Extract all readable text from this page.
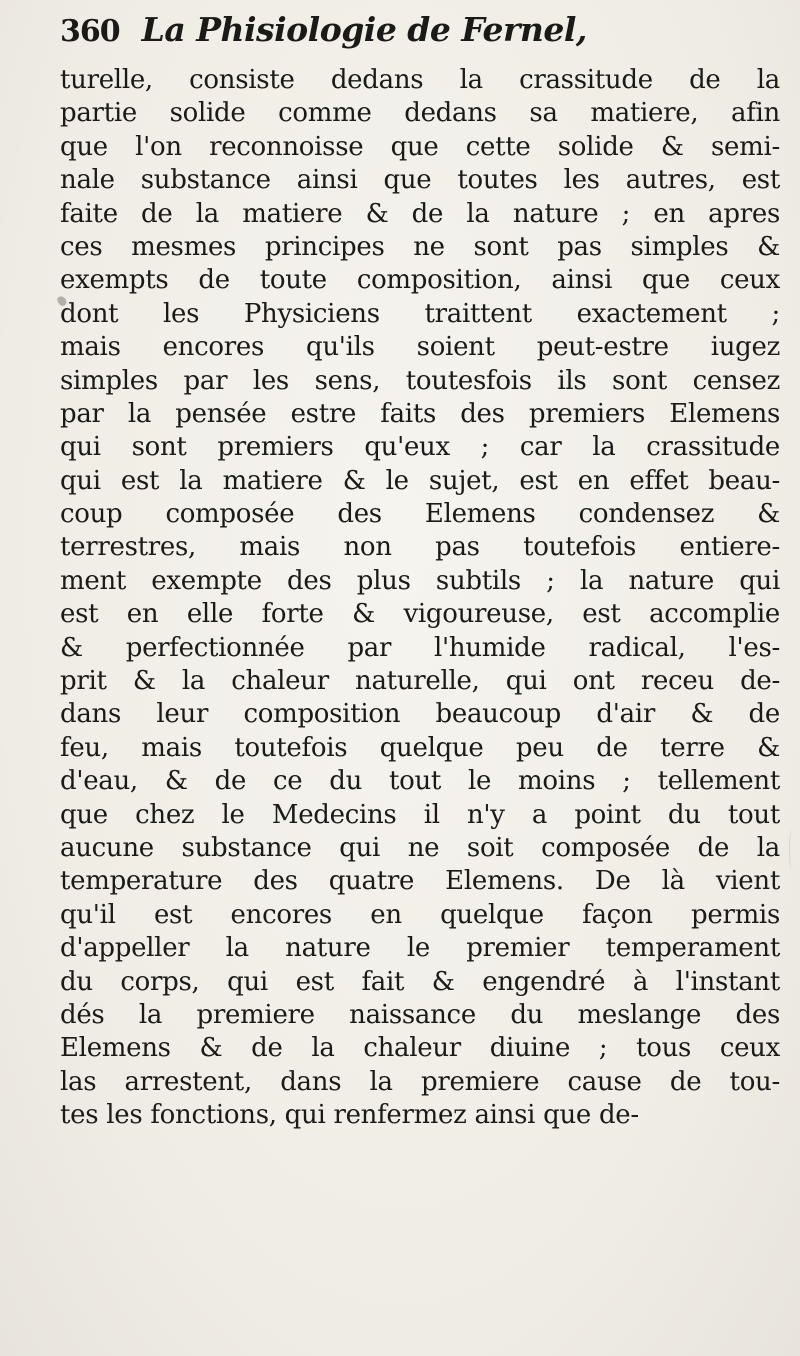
360 La Phisiologie de Fernel,
turelle, consiste dedans la crassitude de la
partie solide comme dedans sa matiere, afin
que l'on reconnoisse que cette solide & semi-
nale substance ainsi que toutes les autres, est
faite de la matiere & de la nature ; en apres
ces mesmes principes ne sont pas simples &
exempts de toute composition, ainsi que ceux
dont les Physiciens traittent exactement ;
mais encores qu'ils soient peut-estre iugez
simples par les sens, toutesfois ils sont censez
par la pensée estre faits des premiers Elemens
qui sont premiers qu'eux ; car la crassitude
qui est la matiere & le sujet, est en effet beau-
coup composée des Elemens condensez &
terrestres, mais non pas toutefois entiere-
ment exempte des plus subtils ; la nature qui
est en elle forte & vigoureuse, est accomplie
& perfectionnée par l'humide radical, l'es-
prit & la chaleur naturelle, qui ont receu de-
dans leur composition beaucoup d'air & de
feu, mais toutefois quelque peu de terre &
d'eau, & de ce du tout le moins ; tellement
que chez le Medecins il n'y a point du tout
aucune substance qui ne soit composée de la
temperature des quatre Elemens. De là vient
qu'il est encores en quelque façon permis
d'appeller la nature le premier temperament
du corps, qui est fait & engendré à l'instant
dés la premiere naissance du meslange des
Elemens & de la chaleur diuine ; tous ceux
las arrestent, dans la premiere cause de tou-
tes les fonctions, qui renfermez ainsi que de-
